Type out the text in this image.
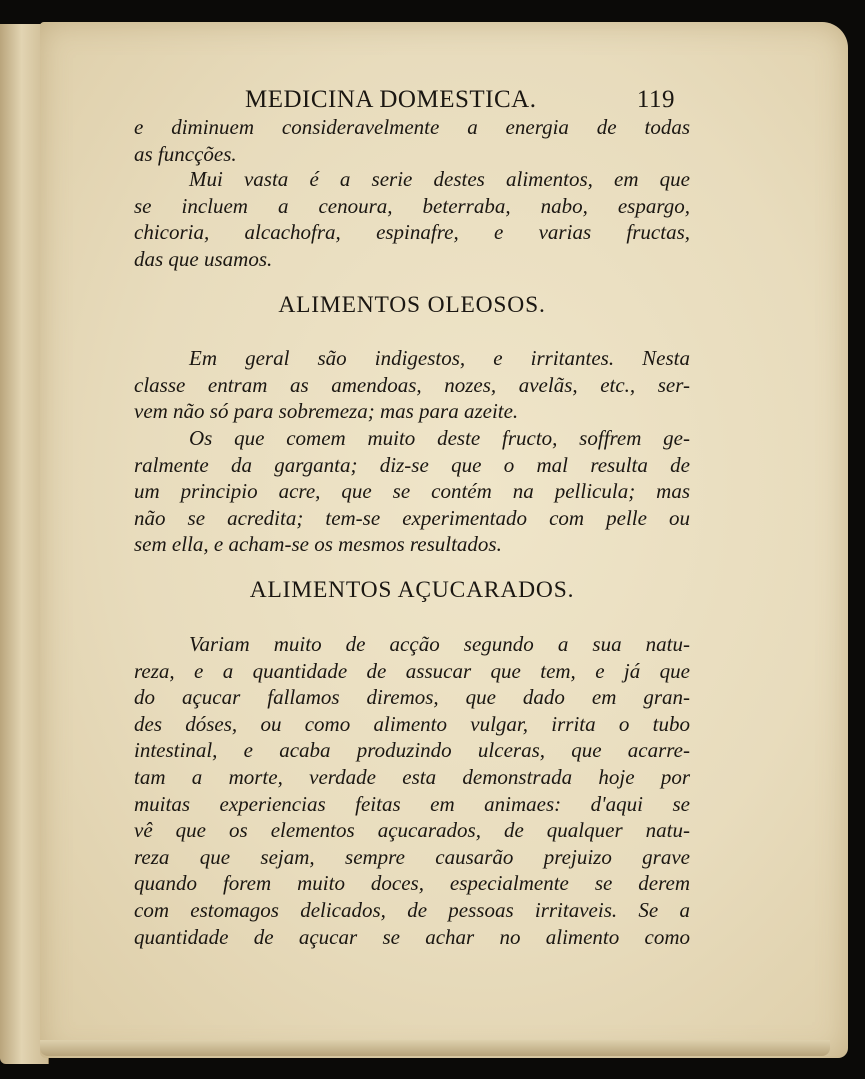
MEDICINA DOMESTICA.	119
e diminuem consideravelmente a energia de todas
as funcções.
Mui vasta é a serie destes alimentos, em que
se incluem a cenoura, beterraba, nabo, espargo,
chicoria, alcachofra, espinafre, e varias fructas,
das que usamos.
ALIMENTOS OLEOSOS.
Em geral são indigestos, e irritantes. Nesta
classe entram as amendoas, nozes, avelãs, etc., ser-
vem não só para sobremeza; mas para azeite.
Os que comem muito deste fructo, soffrem ge-
ralmente da garganta; diz-se que o mal resulta de
um principio acre, que se contém na pellicula; mas
não se acredita; tem-se experimentado com pelle ou
sem ella, e acham-se os mesmos resultados.
ALIMENTOS AÇUCARADOS.
Variam muito de acção segundo a sua natu-
reza, e a quantidade de assucar que tem, e já que
do açucar fallamos diremos, que dado em gran-
des dóses, ou como alimento vulgar, irrita o tubo
intestinal, e acaba produzindo ulceras, que acarre-
tam a morte, verdade esta demonstrada hoje por
muitas experiencias feitas em animaes: d'aqui se
vê que os elementos açucarados, de qualquer natu-
reza que sejam, sempre causarão prejuizo grave
quando forem muito doces, especialmente se derem
com estomagos delicados, de pessoas irritaveis. Se a
quantidade de açucar se achar no alimento como
